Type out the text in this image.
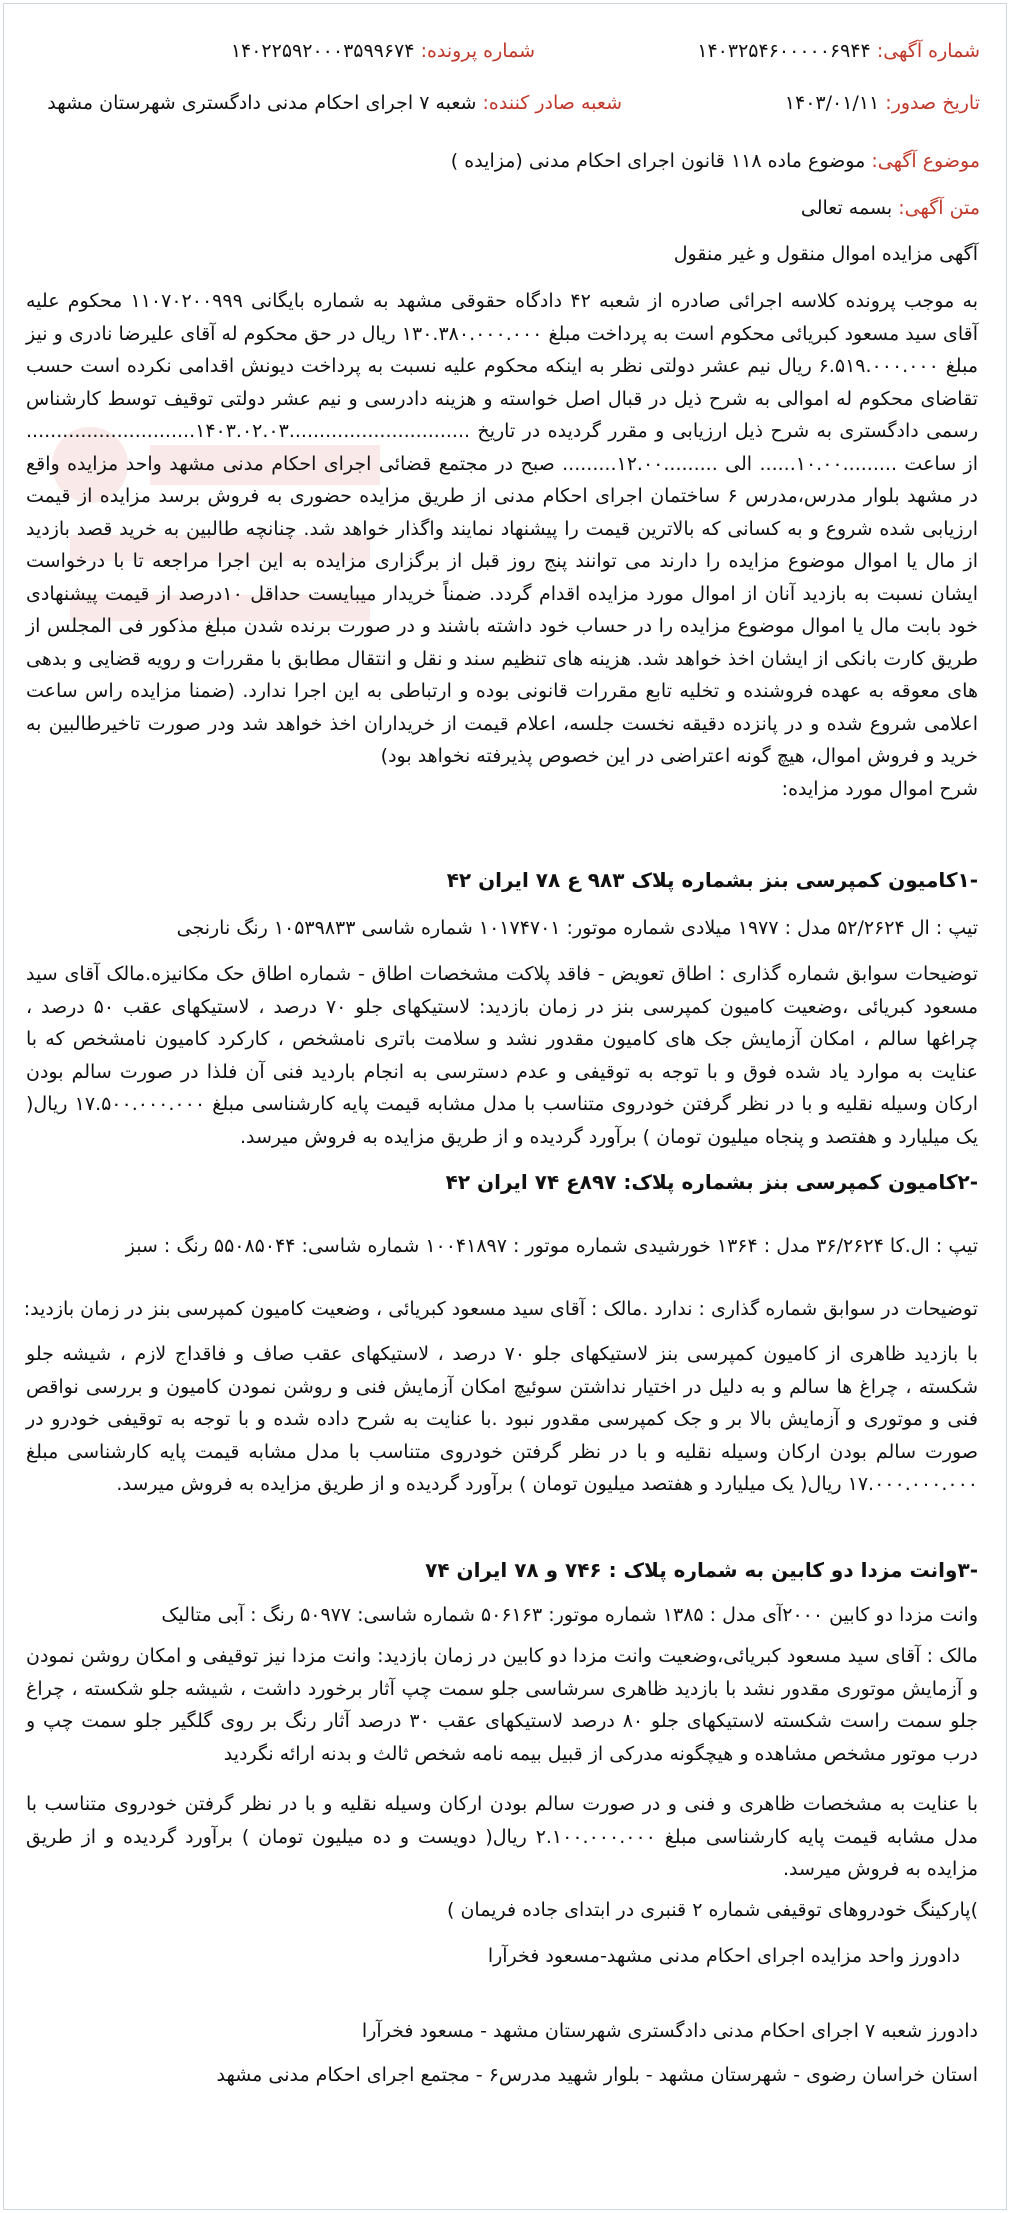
شماره آگهی: ۱۴۰۳۲۵۴۶۰۰۰۰۰۶۹۴۴
شماره پرونده: ۱۴۰۲۲۵۹۲۰۰۰۳۵۹۹۶۷۴
تاریخ صدور: ۱۴۰۳/۰۱/۱۱
شعبه صادر کننده: شعبه ۷ اجرای احکام مدنی دادگستری شهرستان مشهد
موضوع آگهی: موضوع ماده ۱۱۸ قانون اجرای احکام مدنی (مزایده )
متن آگهی: بسمه تعالی
آگهی مزایده اموال منقول و غیر منقول
به موجب پرونده کلاسه اجرائی صادره از شعبه ۴۲ دادگاه حقوقی مشهد به شماره بایگانی ۱۱۰۷۰۲۰۰۹۹۹ محکوم علیه آقای سید مسعود کبریائی محکوم است به پرداخت مبلغ ۱۳۰.۳۸۰.۰۰۰.۰۰۰ ریال در حق محکوم له آقای علیرضا نادری و نیز مبلغ ۶.۵۱۹.۰۰۰.۰۰۰ ریال نیم عشر دولتی نظر به اینکه محکوم علیه نسبت به پرداخت دیونش اقدامی نکرده است حسب تقاضای محکوم له اموالی به شرح ذیل در قبال اصل خواسته و هزینه دادرسی و نیم عشر دولتی توقیف توسط کارشناس رسمی دادگستری به شرح ذیل ارزیابی و مقرر گردیده در تاریخ ..............................۱۴۰۳.۰۲.۰۳............................ از ساعت .........۱۰.۰۰...... الی .........۱۲.۰۰......... صبح در مجتمع قضائی اجرای احکام مدنی مشهد واحد مزایده واقع در مشهد بلوار مدرس،مدرس ۶ ساختمان اجرای احکام مدنی از طریق مزایده حضوری به فروش برسد مزایده از قیمت ارزیابی شده شروع و به کسانی که بالاترین قیمت را پیشنهاد نمایند واگذار خواهد شد. چنانچه طالبین به خرید قصد بازدید از مال یا اموال موضوع مزایده را دارند می توانند پنج روز قبل از برگزاری مزایده به این اجرا مراجعه تا با درخواست ایشان نسبت به بازدید آنان از اموال مورد مزایده اقدام گردد. ضمناً خریدار میبایست حداقل ۱۰درصد از قیمت پیشنهادی خود بابت مال یا اموال موضوع مزایده را در حساب خود داشته باشند و در صورت برنده شدن مبلغ مذکور فی المجلس از طریق کارت بانکی از ایشان اخذ خواهد شد. هزینه های تنظیم سند و نقل و انتقال مطابق با مقررات و رویه قضایی و بدهی های معوقه به عهده فروشنده و تخلیه تابع مقررات قانونی بوده و ارتباطی به این اجرا ندارد. (ضمنا مزایده راس ساعت اعلامی شروع شده و در پانزده دقیقه نخست جلسه، اعلام قیمت از خریداران اخذ خواهد شد ودر صورت تاخیرطالبین به خرید و فروش اموال، هیچ گونه اعتراضی در این خصوص پذیرفته نخواهد بود)
شرح اموال مورد مزایده:
-۱کامیون کمپرسی بنز بشماره پلاک ۹۸۳ ع ۷۸ ایران ۴۲
تیپ : ال ۵۲/۲۶۲۴ مدل : ۱۹۷۷ میلادی شماره موتور: ۱۰۱۷۴۷۰۱ شماره شاسی ۱۰۵۳۹۸۳۳ رنگ نارنجی
توضیحات سوابق شماره گذاری : اطاق تعویض - فاقد پلاکت مشخصات اطاق - شماره اطاق حک مکانیزه.مالک آقای سید مسعود کبریائی ،وضعیت کامیون کمپرسی بنز در زمان بازدید: لاستیکهای جلو ۷۰ درصد ، لاستیکهای عقب ۵۰ درصد ، چراغها سالم ، امکان آزمایش جک های کامیون مقدور نشد و سلامت باتری نامشخص ، کارکرد کامیون نامشخص که با عنایت به موارد یاد شده فوق و با توجه به توقیفی و عدم دسترسی به انجام باردید فنی آن فلذا در صورت سالم بودن ارکان وسیله نقلیه و با در نظر گرفتن خودروی متناسب با مدل مشابه قیمت پایه کارشناسی مبلغ ۱۷.۵۰۰.۰۰۰.۰۰۰ ریال( یک میلیارد و هفتصد و پنجاه میلیون تومان ) برآورد گردیده و از طریق مزایده به فروش میرسد.
-۲کامیون کمپرسی بنز بشماره پلاک: ۸۹۷ع ۷۴ ایران ۴۲
تیپ : ال.کا ۳۶/۲۶۲۴ مدل : ۱۳۶۴ خورشیدی شماره موتور : ۱۰۰۴۱۸۹۷ شماره شاسی: ۵۵۰۸۵۰۴۴ رنگ : سبز
توضیحات در سوابق شماره گذاری : ندارد .مالک : آقای سید مسعود کبریائی ، وضعیت کامیون کمپرسی بنز در زمان بازدید:
با بازدید ظاهری از کامیون کمپرسی بنز لاستیکهای جلو ۷۰ درصد ، لاستیکهای عقب صاف و فاقداج لازم ، شیشه جلو شکسته ، چراغ ها سالم و به دلیل در اختیار نداشتن سوئیچ امکان آزمایش فنی و روشن نمودن کامیون و بررسی نواقص فنی و موتوری و آزمایش بالا بر و جک کمپرسی مقدور نبود .با عنایت به شرح داده شده و با توجه به توقیفی خودرو در صورت سالم بودن ارکان وسیله نقلیه و با در نظر گرفتن خودروی متناسب با مدل مشابه قیمت پایه کارشناسی مبلغ ۱۷.۰۰۰.۰۰۰.۰۰۰ ریال( یک میلیارد و هفتصد میلیون تومان ) برآورد گردیده و از طریق مزایده به فروش میرسد.
-۳وانت مزدا دو کابین به شماره پلاک : ۷۴۶ و ۷۸ ایران ۷۴
وانت مزدا دو کابین ۲۰۰۰آی مدل : ۱۳۸۵ شماره موتور: ۵۰۶۱۶۳ شماره شاسی: ۵۰۹۷۷ رنگ : آبی متالیک
مالک : آقای سید مسعود کبریائی،وضعیت وانت مزدا دو کابین در زمان بازدید: وانت مزدا نیز توقیفی و امکان روشن نمودن و آزمایش موتوری مقدور نشد با بازدید ظاهری سرشاسی جلو سمت چپ آثار برخورد داشت ، شیشه جلو شکسته ، چراغ جلو سمت راست شکسته لاستیکهای جلو ۸۰ درصد لاستیکهای عقب ۳۰ درصد آثار رنگ بر روی گلگیر جلو سمت چپ و درب موتور مشخص مشاهده و هیچگونه مدرکی از قبیل بیمه نامه شخص ثالث و بدنه ارائه نگردید
با عنایت به مشخصات ظاهری و فنی و در صورت سالم بودن ارکان وسیله نقلیه و با در نظر گرفتن خودروی متناسب با مدل مشابه قیمت پایه کارشناسی مبلغ ۲.۱۰۰.۰۰۰.۰۰۰ ریال( دویست و ده میلیون تومان ) برآورد گردیده و از طریق مزایده به فروش میرسد.
)پارکینگ خودروهای توقیفی شماره ۲ قنبری در ابتدای جاده فریمان )
دادورز واحد مزایده اجرای احکام مدنی مشهد-مسعود فخرآرا
دادورز شعبه ۷ اجرای احکام مدنی دادگستری شهرستان مشهد - مسعود فخرآرا
استان خراسان رضوی - شهرستان مشهد - بلوار شهید مدرس۶ - مجتمع اجرای احکام مدنی مشهد
